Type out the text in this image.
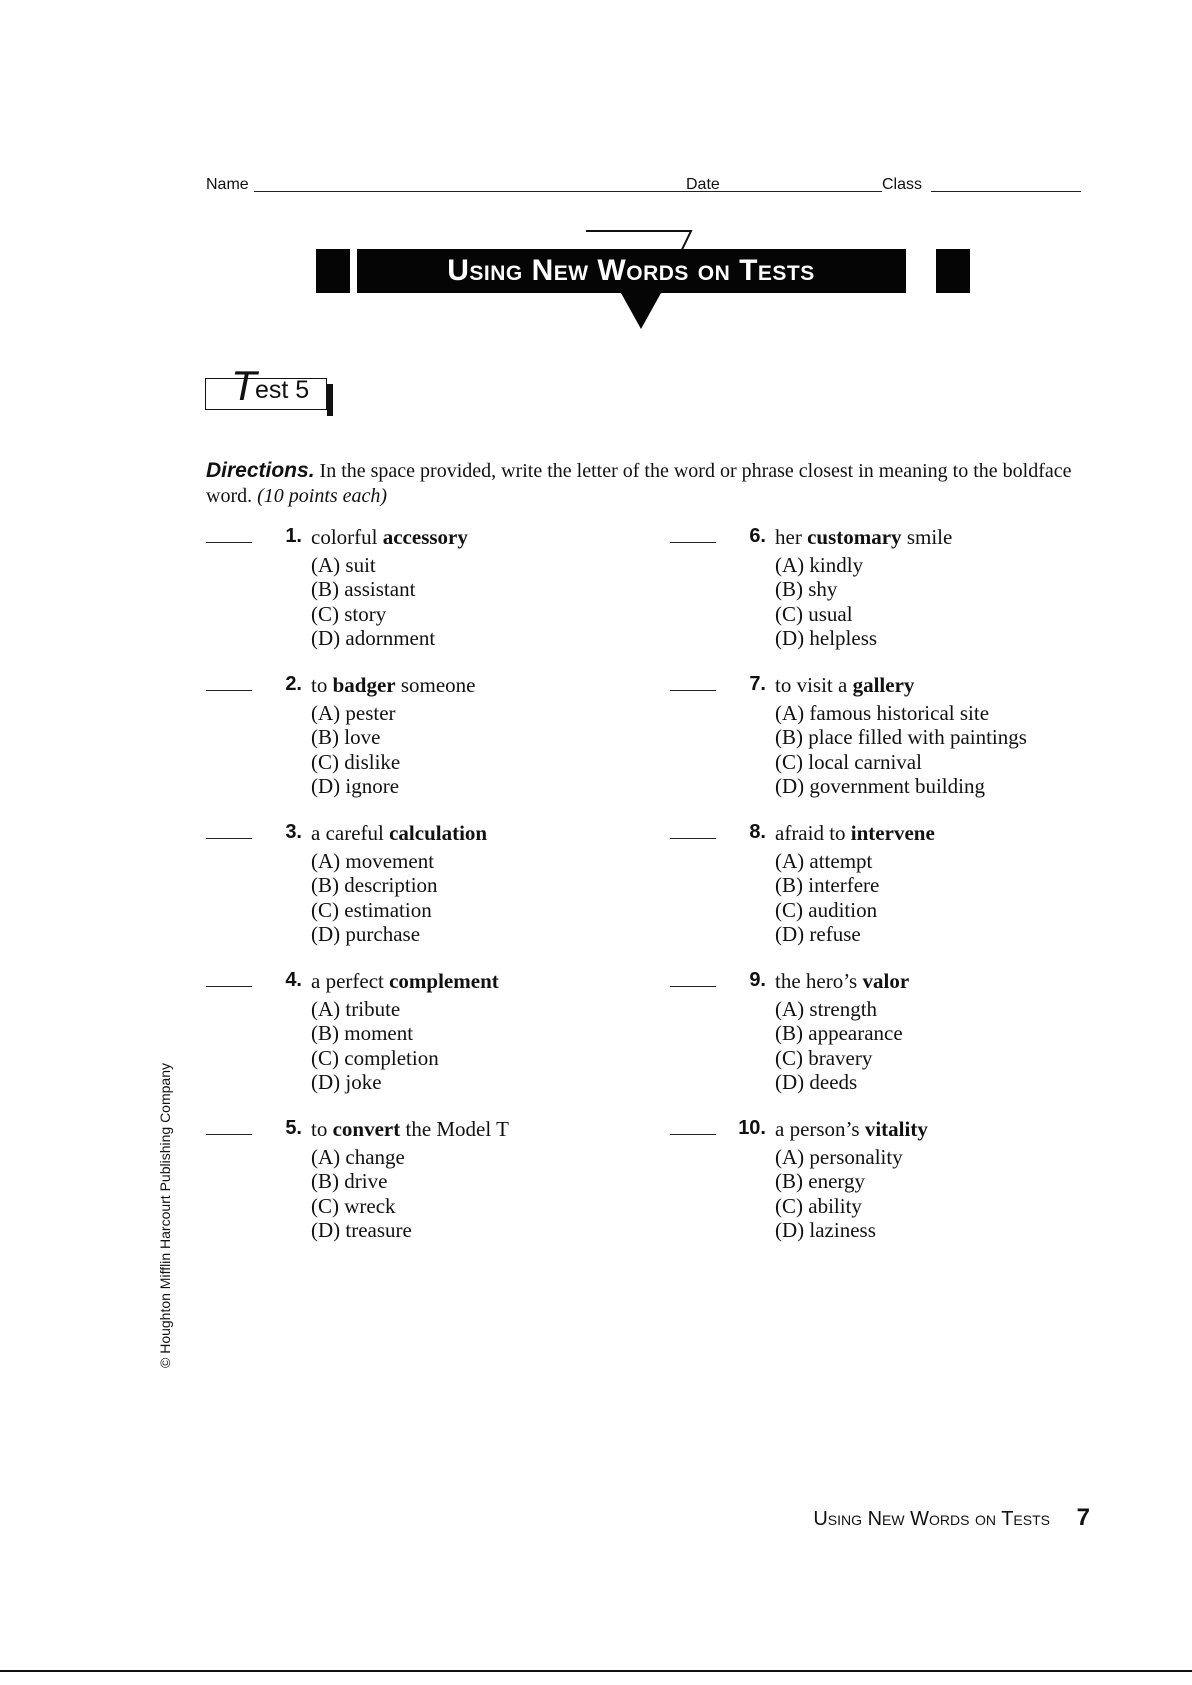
Name	Date	Class
Using New Words on Tests
T
est 5
Directions. In the space provided, write the letter of the word or phrase closest in meaning to the boldface word. (10 points each)
1. colorful accessory
(A) suit
(B) assistant
(C) story
(D) adornment
2. to badger someone
(A) pester
(B) love
(C) dislike
(D) ignore
3. a careful calculation
(A) movement
(B) description
(C) estimation
(D) purchase
4. a perfect complement
(A) tribute
(B) moment
(C) completion
(D) joke
5. to convert the Model T
(A) change
(B) drive
(C) wreck
(D) treasure
6. her customary smile
(A) kindly
(B) shy
(C) usual
(D) helpless
7. to visit a gallery
(A) famous historical site
(B) place filled with paintings
(C) local carnival
(D) government building
8. afraid to intervene
(A) attempt
(B) interfere
(C) audition
(D) refuse
9. the hero’s valor
(A) strength
(B) appearance
(C) bravery
(D) deeds
10. a person’s vitality
(A) personality
(B) energy
(C) ability
(D) laziness
© Houghton Mifflin Harcourt Publishing Company
Using New Words on Tests 7
